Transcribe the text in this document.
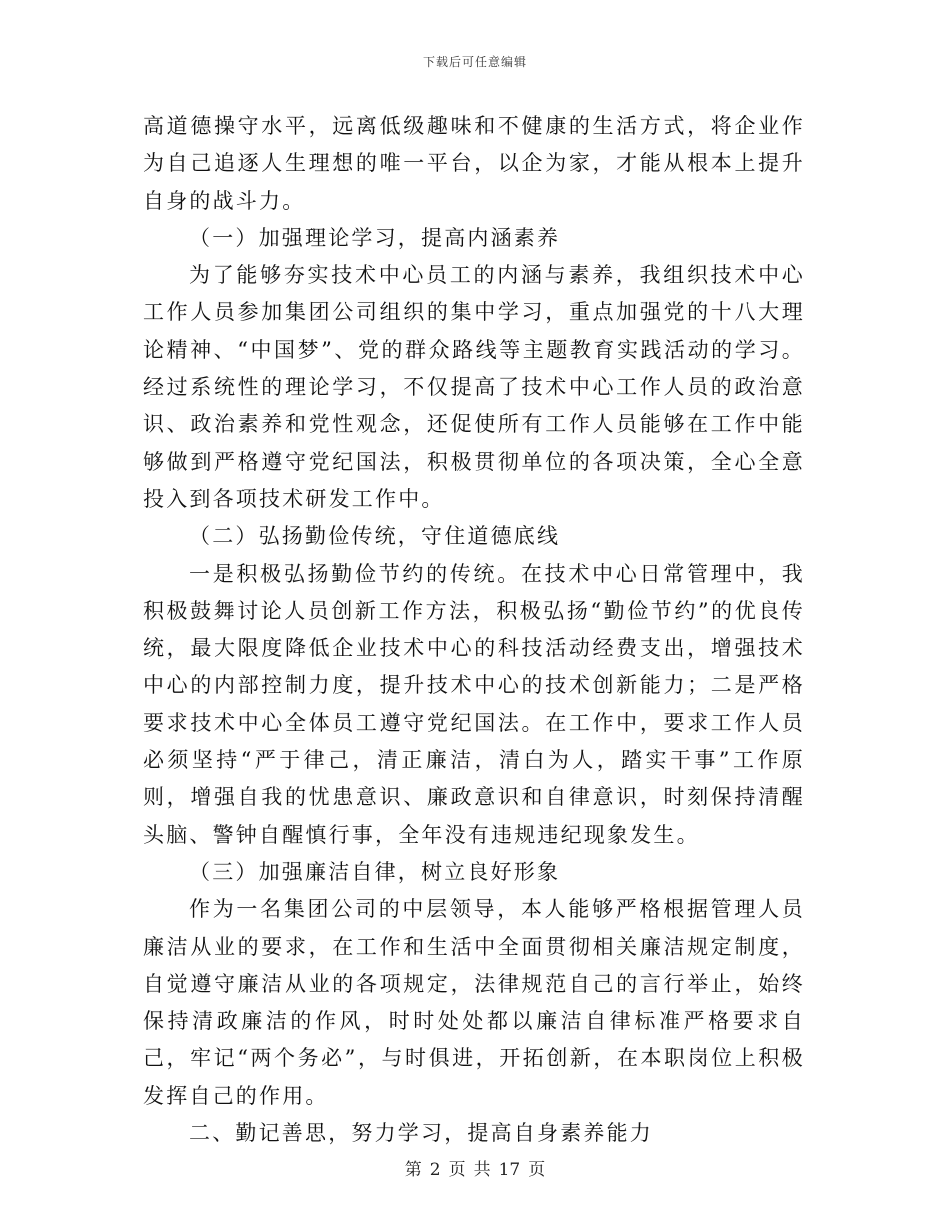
下载后可任意编辑

高道德操守水平，远离低级趣味和不健康的生活方式，将企业作为自己追逐人生理想的唯一平台，以企为家，才能从根本上提升自身的战斗力。

（一）加强理论学习，提高内涵素养

为了能够夯实技术中心员工的内涵与素养，我组织技术中心工作人员参加集团公司组织的集中学习，重点加强党的十八大理论精神、“中国梦”、党的群众路线等主题教育实践活动的学习。经过系统性的理论学习，不仅提高了技术中心工作人员的政治意识、政治素养和党性观念，还促使所有工作人员能够在工作中能够做到严格遵守党纪国法，积极贯彻单位的各项决策，全心全意投入到各项技术研发工作中。

（二）弘扬勤俭传统，守住道德底线

一是积极弘扬勤俭节约的传统。在技术中心日常管理中，我积极鼓舞讨论人员创新工作方法，积极弘扬“勤俭节约”的优良传统，最大限度降低企业技术中心的科技活动经费支出，增强技术中心的内部控制力度，提升技术中心的技术创新能力；二是严格要求技术中心全体员工遵守党纪国法。在工作中，要求工作人员必须坚持“严于律己，清正廉洁，清白为人，踏实干事”工作原则，增强自我的忧患意识、廉政意识和自律意识，时刻保持清醒头脑、警钟自醒慎行事，全年没有违规违纪现象发生。

（三）加强廉洁自律，树立良好形象

作为一名集团公司的中层领导，本人能够严格根据管理人员廉洁从业的要求，在工作和生活中全面贯彻相关廉洁规定制度，自觉遵守廉洁从业的各项规定，法律规范自己的言行举止，始终保持清政廉洁的作风，时时处处都以廉洁自律标准严格要求自己，牢记“两个务必”，与时俱进，开拓创新，在本职岗位上积极发挥自己的作用。

二、勤记善思，努力学习，提高自身素养能力

第 2 页 共 17 页
